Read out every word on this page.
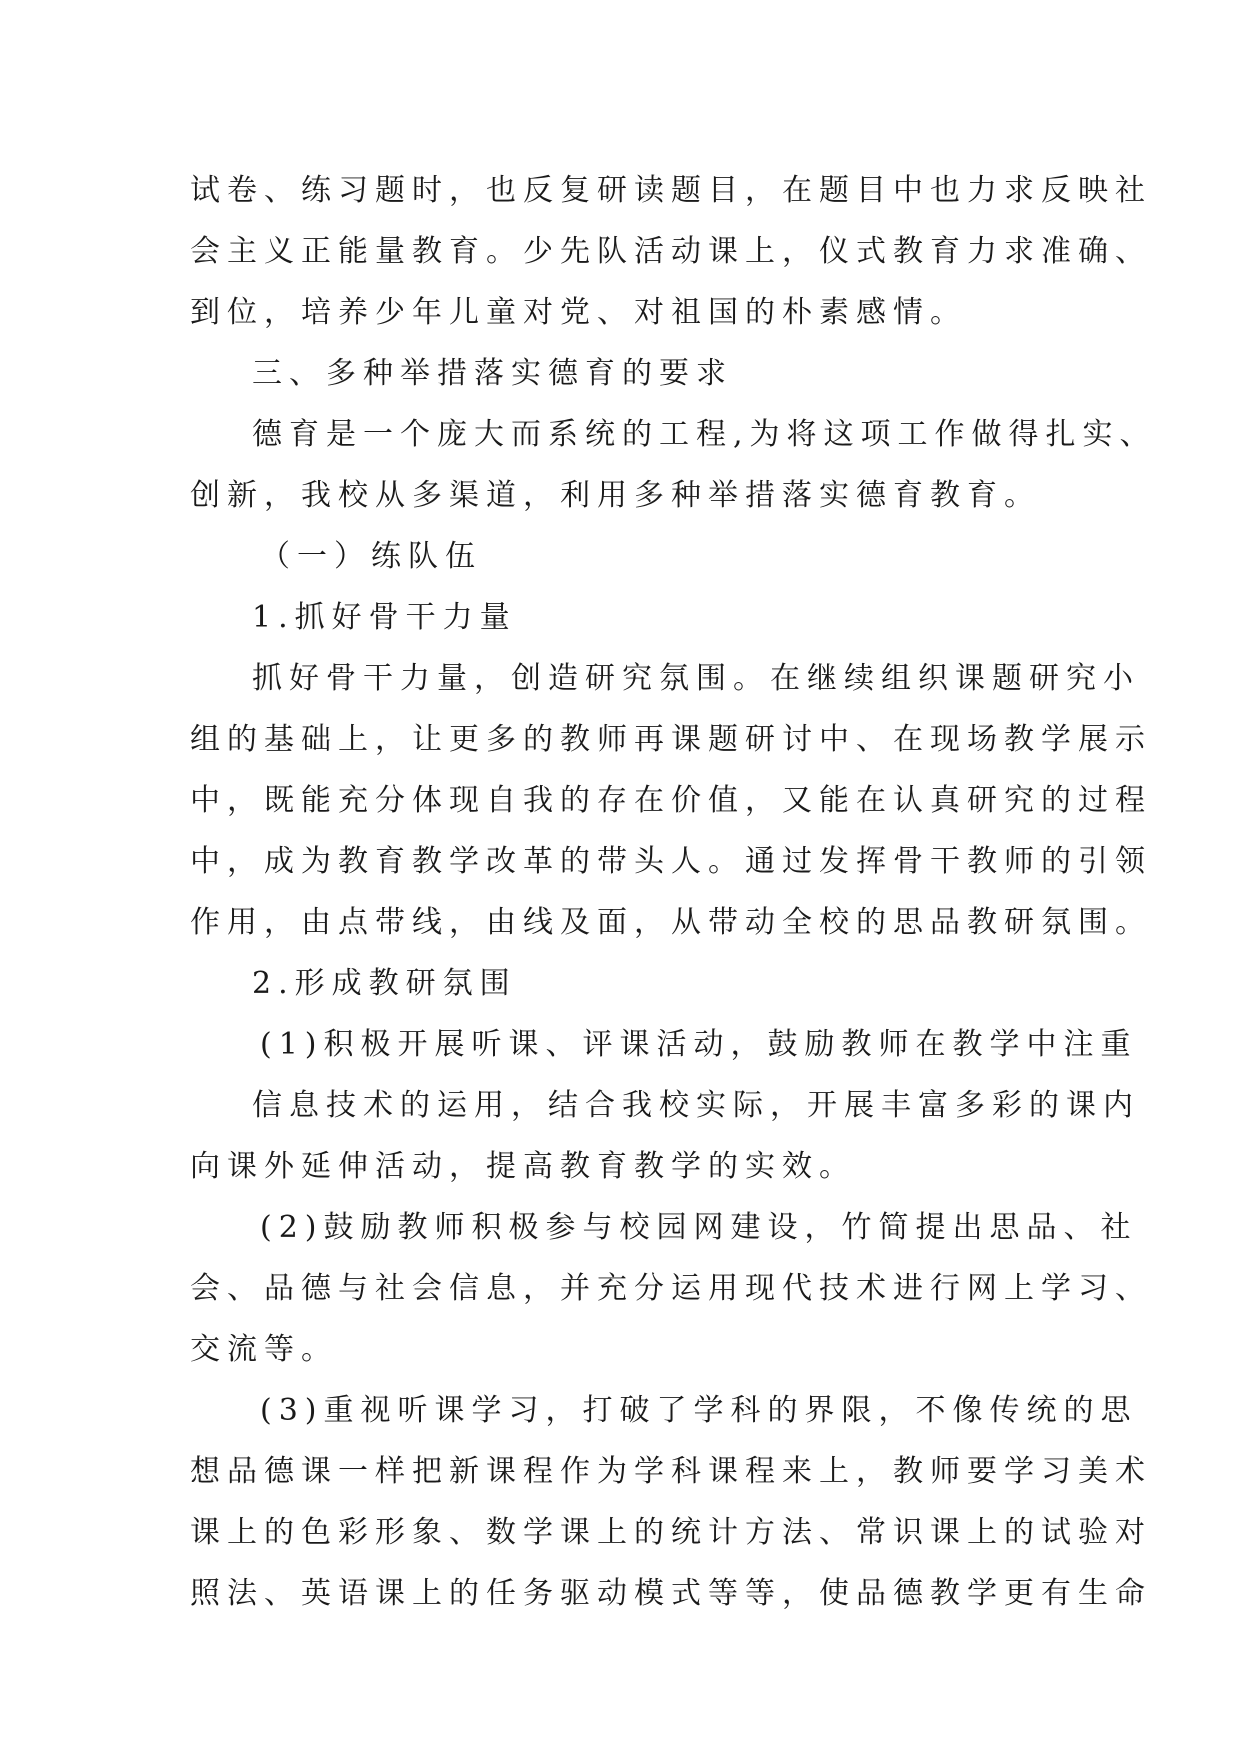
试卷、练习题时，也反复研读题目，在题目中也力求反映社
会主义正能量教育。少先队活动课上，仪式教育力求准确、
到位，培养少年儿童对党、对祖国的朴素感情。
三、多种举措落实德育的要求
德育是一个庞大而系统的工程,为将这项工作做得扎实、
创新，我校从多渠道，利用多种举措落实德育教育。
（一）练队伍
1.抓好骨干力量
抓好骨干力量，创造研究氛围。在继续组织课题研究小
组的基础上，让更多的教师再课题研讨中、在现场教学展示
中，既能充分体现自我的存在价值，又能在认真研究的过程
中，成为教育教学改革的带头人。通过发挥骨干教师的引领
作用，由点带线，由线及面，从带动全校的思品教研氛围。
2.形成教研氛围
(1)积极开展听课、评课活动，鼓励教师在教学中注重
信息技术的运用，结合我校实际，开展丰富多彩的课内
向课外延伸活动，提高教育教学的实效。
(2)鼓励教师积极参与校园网建设，竹简提出思品、社
会、品德与社会信息，并充分运用现代技术进行网上学习、
交流等。
(3)重视听课学习，打破了学科的界限，不像传统的思
想品德课一样把新课程作为学科课程来上，教师要学习美术
课上的色彩形象、数学课上的统计方法、常识课上的试验对
照法、英语课上的任务驱动模式等等，使品德教学更有生命
